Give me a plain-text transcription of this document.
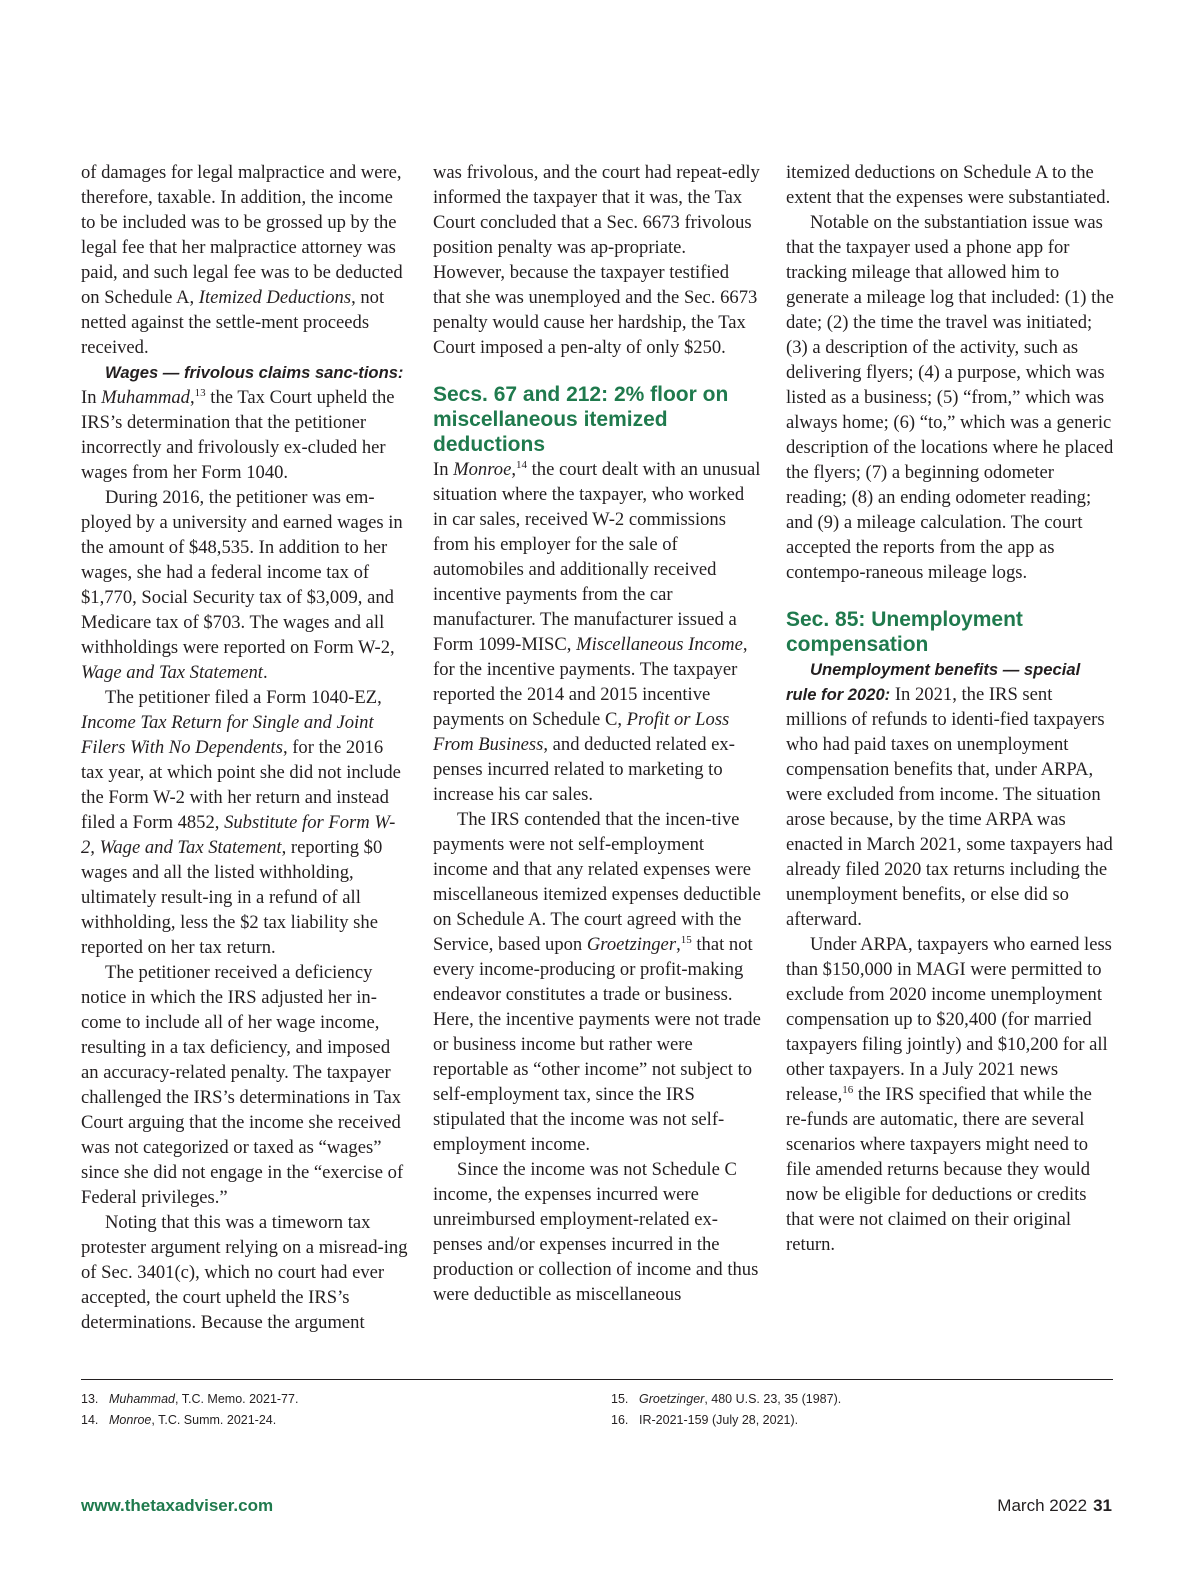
of damages for legal malpractice and were, therefore, taxable. In addition, the income to be included was to be grossed up by the legal fee that her malpractice attorney was paid, and such legal fee was to be deducted on Schedule A, Itemized Deductions, not netted against the settle-ment proceeds received.

Wages — frivolous claims sanc-tions: In Muhammad,$^{13}$ the Tax Court upheld the IRS’s determination that the petitioner incorrectly and frivolously ex-cluded her wages from her Form 1040.

During 2016, the petitioner was em-ployed by a university and earned wages in the amount of $48,535. In addition to her wages, she had a federal income tax of $1,770, Social Security tax of $3,009, and Medicare tax of $703. The wages and all withholdings were reported on Form W-2, Wage and Tax Statement.

The petitioner filed a Form 1040-EZ, Income Tax Return for Single and Joint Filers With No Dependents, for the 2016 tax year, at which point she did not include the Form W-2 with her return and instead filed a Form 4852, Substitute for Form W-2, Wage and Tax Statement, reporting $0 wages and all the listed withholding, ultimately result-ing in a refund of all withholding, less the $2 tax liability she reported on her tax return.

The petitioner received a deficiency notice in which the IRS adjusted her in-come to include all of her wage income, resulting in a tax deficiency, and imposed an accuracy-related penalty. The taxpayer challenged the IRS’s determinations in Tax Court arguing that the income she received was not categorized or taxed as “wages” since she did not engage in the “exercise of Federal privileges.”

Noting that this was a timeworn tax protester argument relying on a misread-ing of Sec. 3401(c), which no court had ever accepted, the court upheld the IRS’s determinations. Because the argument

was frivolous, and the court had repeat-edly informed the taxpayer that it was, the Tax Court concluded that a Sec. 6673 frivolous position penalty was ap-propriate. However, because the taxpayer testified that she was unemployed and the Sec. 6673 penalty would cause her hardship, the Tax Court imposed a pen-alty of only $250.

Secs. 67 and 212: 2% floor on miscellaneous itemized deductions

In Monroe,$^{14}$ the court dealt with an unusual situation where the taxpayer, who worked in car sales, received W-2 commissions from his employer for the sale of automobiles and additionally received incentive payments from the car manufacturer. The manufacturer issued a Form 1099-MISC, Miscellaneous Income, for the incentive payments. The taxpayer reported the 2014 and 2015 incentive payments on Schedule C, Profit or Loss From Business, and deducted related ex-penses incurred related to marketing to increase his car sales.

The IRS contended that the incen-tive payments were not self-employment income and that any related expenses were miscellaneous itemized expenses deductible on Schedule A. The court agreed with the Service, based upon Groetzinger,$^{15}$ that not every income-producing or profit-making endeavor constitutes a trade or business. Here, the incentive payments were not trade or business income but rather were reportable as “other income” not subject to self-employment tax, since the IRS stipulated that the income was not self-employment income.

Since the income was not Schedule C income, the expenses incurred were unreimbursed employment-related ex-penses and/or expenses incurred in the production or collection of income and thus were deductible as miscellaneous

itemized deductions on Schedule A to the extent that the expenses were substantiated.

Notable on the substantiation issue was that the taxpayer used a phone app for tracking mileage that allowed him to generate a mileage log that included: (1) the date; (2) the time the travel was initiated; (3) a description of the activity, such as delivering flyers; (4) a purpose, which was listed as a business; (5) “from,” which was always home; (6) “to,” which was a generic description of the locations where he placed the flyers; (7) a beginning odometer reading; (8) an ending odometer reading; and (9) a mileage calculation. The court accepted the reports from the app as contempo-raneous mileage logs.

Sec. 85: Unemployment compensation

Unemployment benefits — special rule for 2020: In 2021, the IRS sent millions of refunds to identi-fied taxpayers who had paid taxes on unemployment compensation benefits that, under ARPA, were excluded from income. The situation arose because, by the time ARPA was enacted in March 2021, some taxpayers had already filed 2020 tax returns including the unemployment benefits, or else did so afterward.

Under ARPA, taxpayers who earned less than $150,000 in MAGI were permitted to exclude from 2020 income unemployment compensation up to $20,400 (for married taxpayers filing jointly) and $10,200 for all other taxpayers. In a July 2021 news release,$^{16}$ the IRS specified that while the re-funds are automatic, there are several scenarios where taxpayers might need to file amended returns because they would now be eligible for deductions or credits that were not claimed on their original return.

13. Muhammad, T.C. Memo. 2021-77.
14. Monroe, T.C. Summ. 2021-24.
15. Groetzinger, 480 U.S. 23, 35 (1987).
16. IR-2021-159 (July 28, 2021).
www.thetaxadviser.com	March 2022 31
